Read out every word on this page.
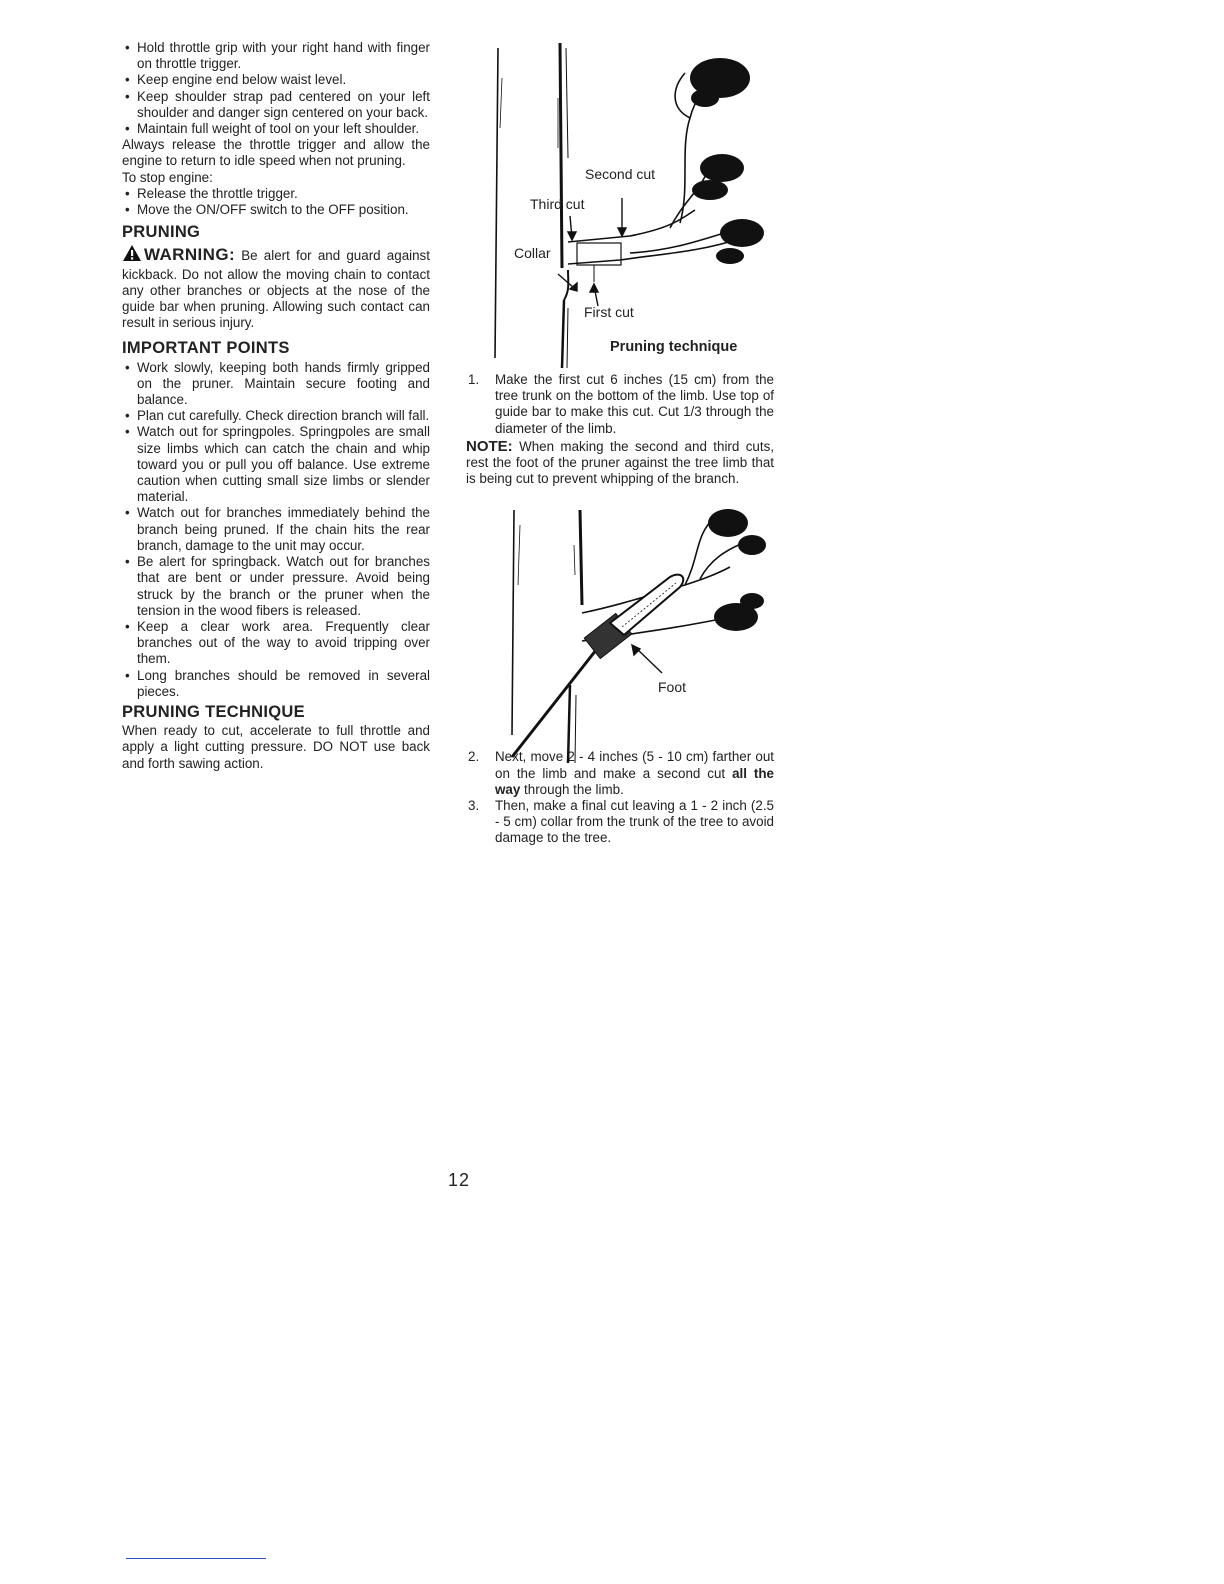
• Hold throttle grip with your right hand with finger on throttle trigger.
• Keep engine end below waist level.
• Keep shoulder strap pad centered on your left shoulder and danger sign centered on your back.
• Maintain full weight of tool on your left shoulder.

Always release the throttle trigger and allow the engine to return to idle speed when not pruning.

To stop engine:

• Release the throttle trigger.
• Move the ON/OFF switch to the OFF position.
PRUNING

WARNING: Be alert for and guard against kickback. Do not allow the moving chain to contact any other branches or objects at the nose of the guide bar when pruning. Allowing such contact can result in serious injury.

IMPORTANT POINTS
• Work slowly, keeping both hands firmly gripped on the pruner. Maintain secure footing and balance.
• Plan cut carefully. Check direction branch will fall.
• Watch out for springpoles. Springpoles are small size limbs which can catch the chain and whip toward you or pull you off balance. Use extreme caution when cutting small size limbs or slender material.
• Watch out for branches immediately behind the branch being pruned. If the chain hits the rear branch, damage to the unit may occur.
• Be alert for springback. Watch out for branches that are bent or under pressure. Avoid being struck by the branch or the pruner when the tension in the wood fibers is released.
• Keep a clear work area. Frequently clear branches out of the way to avoid tripping over them.
• Long branches should be removed in several pieces.
PRUNING TECHNIQUE

When ready to cut, accelerate to full throttle and apply a light cutting pressure. DO NOT use back and forth sawing action.

Second cut
Third cut
Collar
First cut
Pruning technique
1. Make the first cut 6 inches (15 cm) from the tree trunk on the bottom of the limb. Use top of guide bar to make this cut. Cut 1/3 through the diameter of the limb.

NOTE: When making the second and third cuts, rest the foot of the pruner against the tree limb that is being cut to prevent whipping of the branch.

2. Next, move 2 - 4 inches (5 - 10 cm) farther out on the limb and make a second cut all the way through the limb.
3. Then, make a final cut leaving a 1 - 2 inch (2.5 - 5 cm) collar from the trunk of the tree to avoid damage to the tree.
Foot
12
